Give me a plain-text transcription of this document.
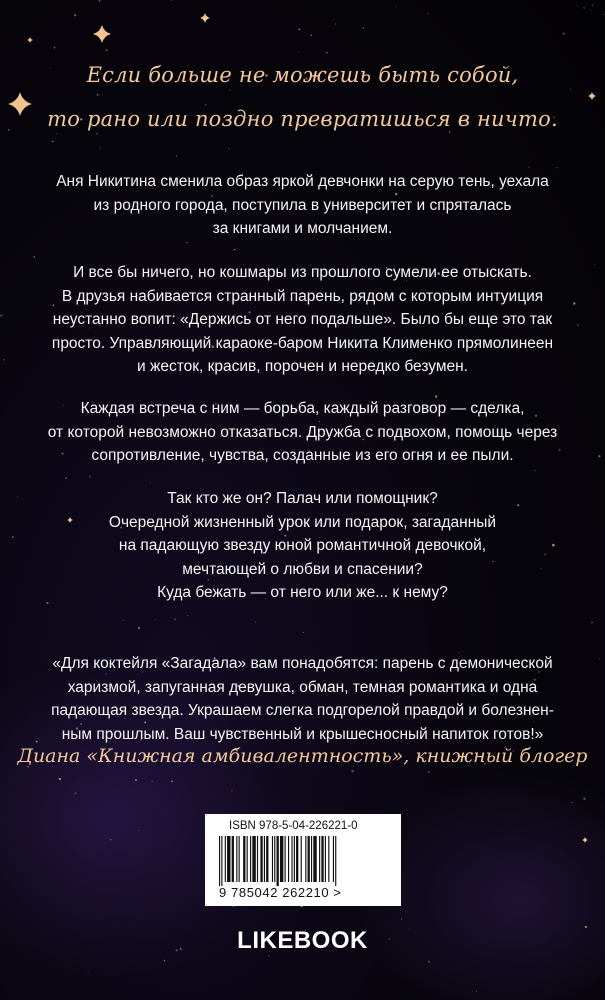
Если больше не можешь быть собой,
то рано или поздно превратишься в ничто.
Аня Никитина сменила образ яркой девчонки на серую тень, уехала
из родного города, поступила в университет и спряталась
за книгами и молчанием.
И все бы ничего, но кошмары из прошлого сумели ее отыскать.
В друзья набивается странный парень, рядом с которым интуиция
неустанно вопит: «Держись от него подальше». Было бы еще это так
просто. Управляющий караоке-баром Никита Клименко прямолинеен
и жесток, красив, порочен и нередко безумен.
Каждая встреча с ним — борьба, каждый разговор — сделка,
от которой невозможно отказаться. Дружба с подвохом, помощь через
сопротивление, чувства, созданные из его огня и ее пыли.
Так кто же он? Палач или помощник?
Очередной жизненный урок или подарок, загаданный
на падающую звезду юной романтичной девочкой,
мечтающей о любви и спасении?
Куда бежать — от него или же... к нему?
«Для коктейля «Загадала» вам понадобятся: парень с демонической
харизмой, запуганная девушка, обман, темная романтика и одна
падающая звезда. Украшаем слегка подгорелой правдой и болезнен-
ным прошлым. Ваш чувственный и крышесносный напиток готов!»
Диана «Книжная амбивалентность», книжный блогер
ISBN 978-5-04-226221-0
9 785042 262210 >
LIKEBOOK
